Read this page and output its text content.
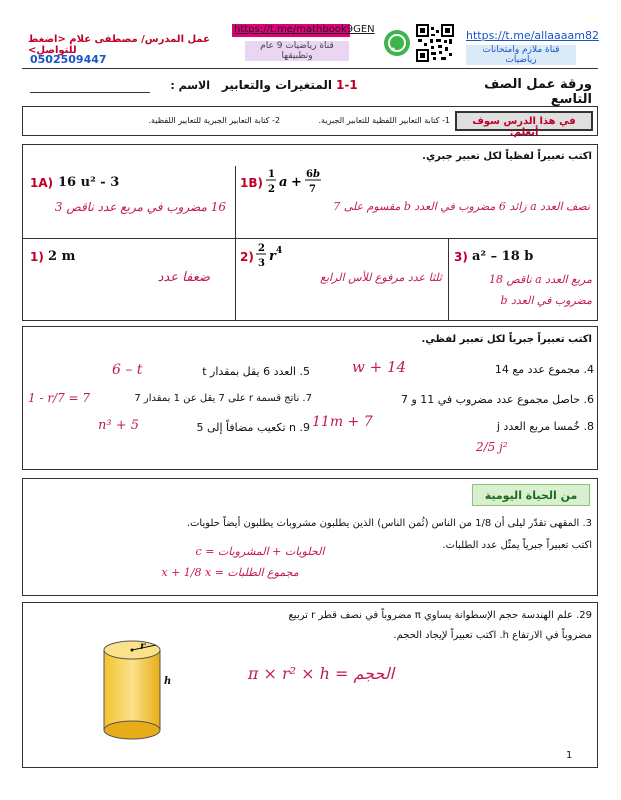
عمل المدرس/ مصطفى علام <اضغط للتواصل>
0502509447
https://t.me/mathbook9GEN
قناة رياضيات 9 عام وتطبيقها
https://t.me/allaaaam82
قناة ملازم وامتحانات رياضيات
ورقة عمل الصف التاسع
1-1
المتغيرات والتعابير
الاسم :
في هذا الدرس سوف أتعلم:
1- كتابة التعابير اللفظية للتعابير الجبرية.
2- كتابة التعابير الجبرية للتعابير اللفظية.
اكتب تعبيراً لفظياً لكل تعبير جبري.
1A) 16 u² - 3
16 مضروب في مربع عدد ناقص 3
1B)
1
2 a +
6 b
7
نصف العدد a زائد 6 مضروب في العدد b مقسوم على 7
1) 2 m
ضعفا عدد
2)
2
3 r 4
ثلثا عدد مرفوع للأس الرابع
3) a² – 18 b
مربع العدد a ناقص 18
مضروب في العدد b
اكتب تعبيراً جبرياً لكل تعبير لفظي.
4. مجموع عدد مع 14
w + 14
5. العدد 6 يقل بمقدار t
6 – t
6. حاصل مجموع عدد مضروب في 11 و 7
11m + 7
7. ناتج قسمة r على 7 يقل عن 1 بمقدار 7
1 - r/7 = 7
8. خُمسا مربع العدد j
2/5 j²
9. n تكعيب مضافاً إلى 5
n³ + 5
من الحياة اليومية
3. المقهى تقدّر ليلى أن 1/8 من الناس (ثُمن الناس) الذين يطلبون مشروبات يطلبون أيضاً حلويات.
اكتب تعبيراً جبرياً يمثّل عدد الطلبات.
الحلويات + المشروبات = c
مجموع الطلبات = x + 1/8 x
29. علم الهندسة حجم الإسطوانة يساوي π مضروباً في نصف قطر r تربيع
مضروباً في الارتفاع h. اكتب تعبيراً لإيجاد الحجم.
r
h	الحجم = π × r² × h
1
